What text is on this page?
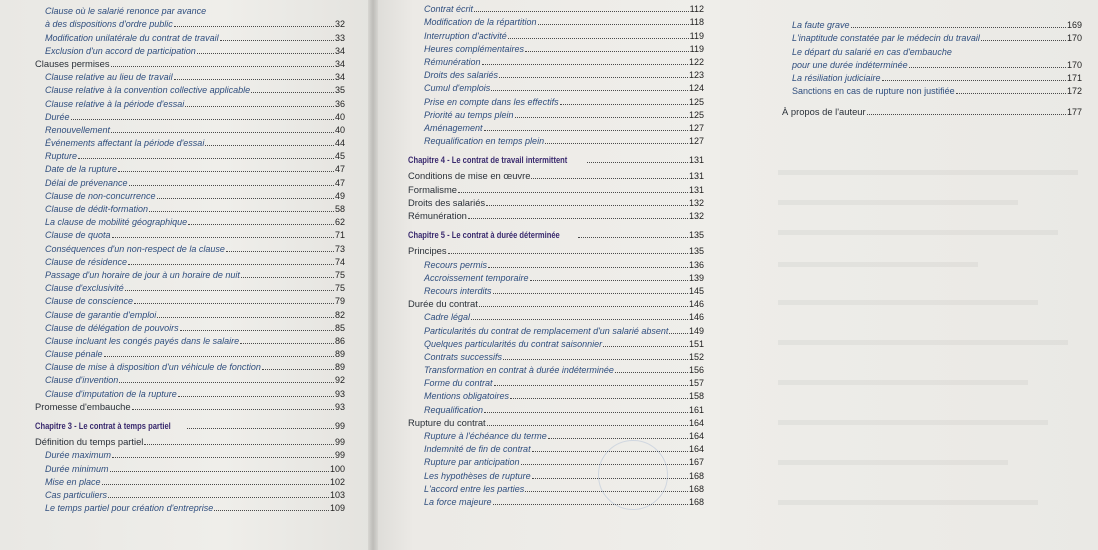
Clause où le salarié renonce par avance
à des dispositions d'ordre public	32
Modification unilatérale du contrat de travail	33
Exclusion d'un accord de participation	34
Clauses permises	34
Clause relative au lieu de travail	34
Clause relative à la convention collective applicable	35
Clause relative à la période d'essai	36
Durée	40
Renouvellement	40
Événements affectant la période d'essai	44
Rupture	45
Date de la rupture	47
Délai de prévenance	47
Clause de non-concurrence	49
Clause de dédit-formation	58
La clause de mobilité géographique	62
Clause de quota	71
Conséquences d'un non-respect de la clause	73
Clause de résidence	74
Passage d'un horaire de jour à un horaire de nuit	75
Clause d'exclusivité	75
Clause de conscience	79
Clause de garantie d'emploi	82
Clause de délégation de pouvoirs	85
Clause incluant les congés payés dans le salaire	86
Clause pénale	89
Clause de mise à disposition d'un véhicule de fonction	89
Clause d'invention	92
Clause d'imputation de la rupture	93
Promesse d'embauche	93
Chapitre 3 - Le contrat à temps partiel	99
Définition du temps partiel	99
Durée maximum	99
Durée minimum	100
Mise en place	102
Cas particuliers	103
Le temps partiel pour création d'entreprise	109
Contrat écrit	112
Modification de la répartition	118
Interruption d'activité	119
Heures complémentaires	119
Rémunération	122
Droits des salariés	123
Cumul d'emplois	124
Prise en compte dans les effectifs	125
Priorité au temps plein	125
Aménagement	127
Requalification en temps plein	127
Chapitre 4 - Le contrat de travail intermittent	131
Conditions de mise en œuvre	131
Formalisme	131
Droits des salariés	132
Rémunération	132
Chapitre 5 - Le contrat à durée déterminée	135
Principes	135
Recours permis	136
Accroissement temporaire	139
Recours interdits	145
Durée du contrat	146
Cadre légal	146
Particularités du contrat de remplacement d'un salarié absent 149
Quelques particularités du contrat saisonnier	151
Contrats successifs	152
Transformation en contrat à durée indéterminée	156
Forme du contrat	157
Mentions obligatoires	158
Requalification	161
Rupture du contrat	164
Rupture à l'échéance du terme	164
Indemnité de fin de contrat	164
Rupture par anticipation	167
Les hypothèses de rupture	168
L'accord entre les parties	168
La force majeure	168
La faute grave	169
L'inaptitude constatée par le médecin du travail	170
Le départ du salarié en cas d'embauche
pour une durée indéterminée	170
La résiliation judiciaire	171
Sanctions en cas de rupture non justifiée	172
À propos de l'auteur	177
